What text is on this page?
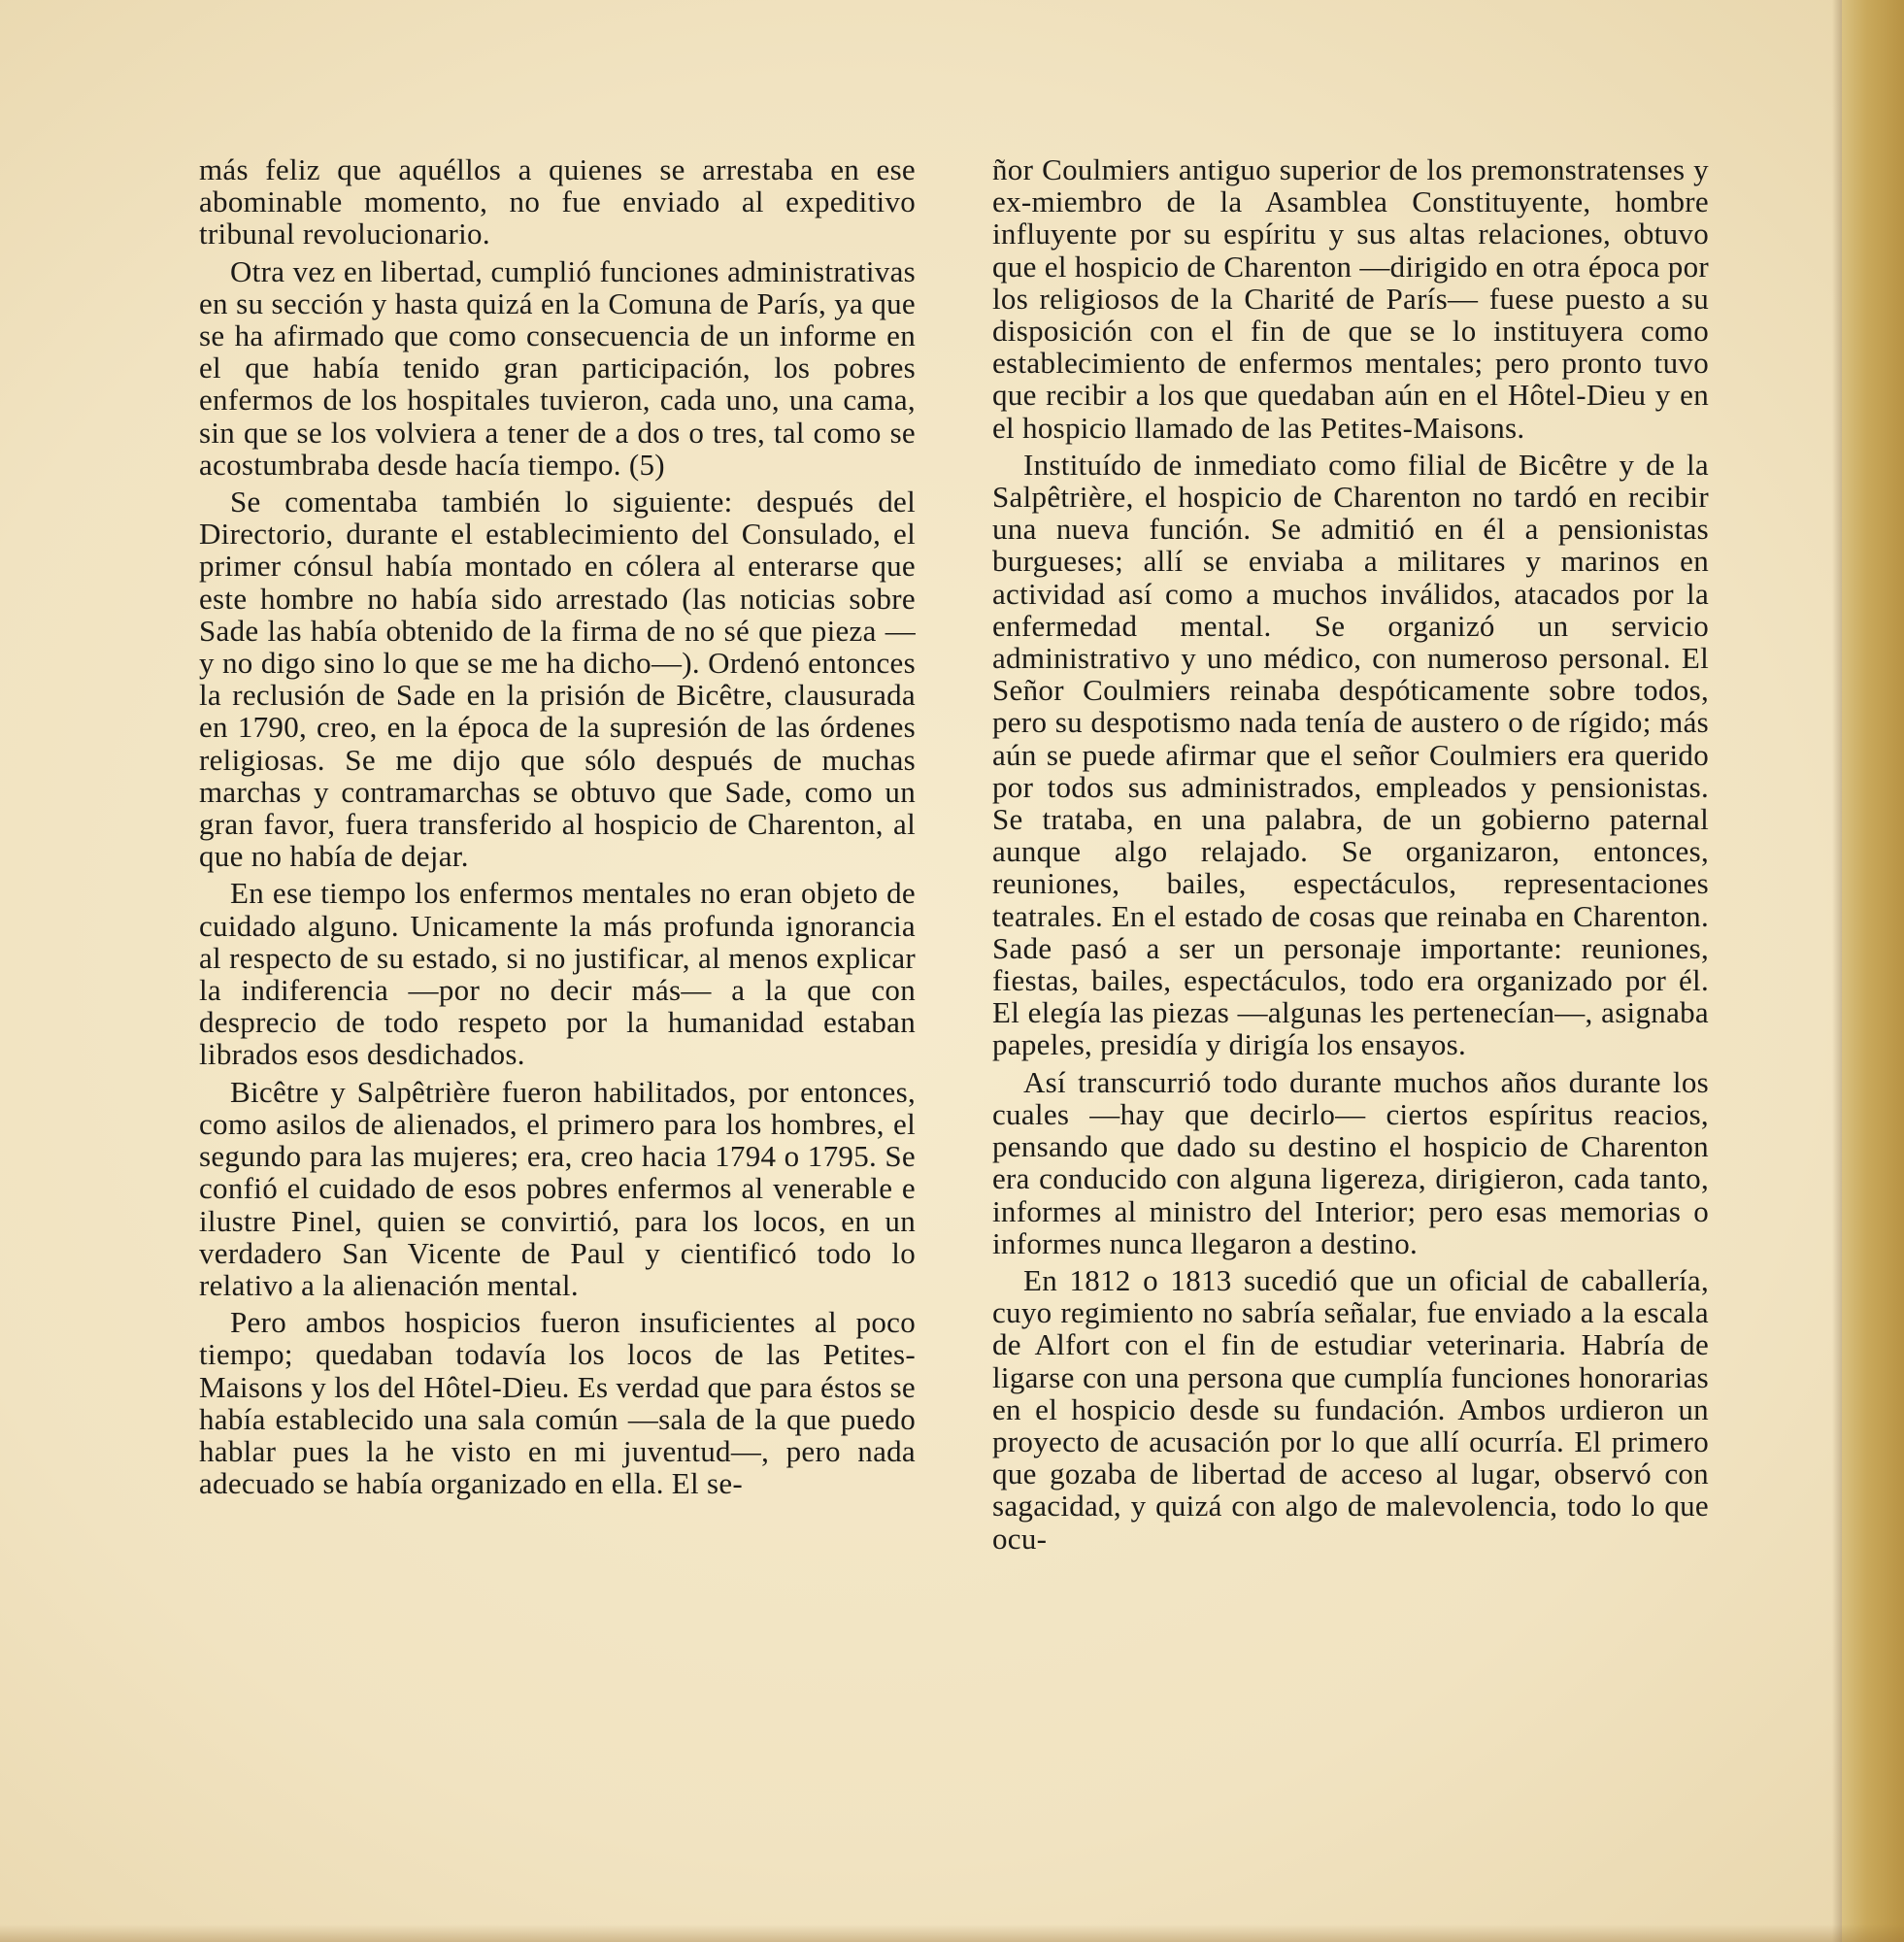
más feliz que aquéllos a quienes se arrestaba en ese abominable momento, no fue enviado al expeditivo tribunal revolucionario.

Otra vez en libertad, cumplió funciones administrativas en su sección y hasta quizá en la Comuna de París, ya que se ha afirmado que como consecuencia de un informe en el que había tenido gran participación, los pobres enfermos de los hospitales tuvieron, cada uno, una cama, sin que se los volviera a tener de a dos o tres, tal como se acostumbraba desde hacía tiempo. (5)

Se comentaba también lo siguiente: después del Directorio, durante el establecimiento del Consulado, el primer cónsul había montado en cólera al enterarse que este hombre no había sido arrestado (las noticias sobre Sade las había obtenido de la firma de no sé que pieza —y no digo sino lo que se me ha dicho—). Ordenó entonces la reclusión de Sade en la prisión de Bicêtre, clausurada en 1790, creo, en la época de la supresión de las órdenes religiosas. Se me dijo que sólo después de muchas marchas y contramarchas se obtuvo que Sade, como un gran favor, fuera transferido al hospicio de Charenton, al que no había de dejar.

En ese tiempo los enfermos mentales no eran objeto de cuidado alguno. Unicamente la más profunda ignorancia al respecto de su estado, si no justificar, al menos explicar la indiferencia —por no decir más— a la que con desprecio de todo respeto por la humanidad estaban librados esos desdichados.

Bicêtre y Salpêtrière fueron habilitados, por entonces, como asilos de alienados, el primero para los hombres, el segundo para las mujeres; era, creo hacia 1794 o 1795. Se confió el cuidado de esos pobres enfermos al venerable e ilustre Pinel, quien se convirtió, para los locos, en un verdadero San Vicente de Paul y cientificó todo lo relativo a la alienación mental.

Pero ambos hospicios fueron insuficientes al poco tiempo; quedaban todavía los locos de las Petites-Maisons y los del Hôtel-Dieu. Es verdad que para éstos se había establecido una sala común —sala de la que puedo hablar pues la he visto en mi juventud—, pero nada adecuado se había organizado en ella. El se-

ñor Coulmiers antiguo superior de los premonstratenses y ex-miembro de la Asamblea Constituyente, hombre influyente por su espíritu y sus altas relaciones, obtuvo que el hospicio de Charenton —dirigido en otra época por los religiosos de la Charité de París— fuese puesto a su disposición con el fin de que se lo instituyera como establecimiento de enfermos mentales; pero pronto tuvo que recibir a los que quedaban aún en el Hôtel-Dieu y en el hospicio llamado de las Petites-Maisons.

Instituído de inmediato como filial de Bicêtre y de la Salpêtrière, el hospicio de Charenton no tardó en recibir una nueva función. Se admitió en él a pensionistas burgueses; allí se enviaba a militares y marinos en actividad así como a muchos inválidos, atacados por la enfermedad mental. Se organizó un servicio administrativo y uno médico, con numeroso personal. El Señor Coulmiers reinaba despóticamente sobre todos, pero su despotismo nada tenía de austero o de rígido; más aún se puede afirmar que el señor Coulmiers era querido por todos sus administrados, empleados y pensionistas. Se trataba, en una palabra, de un gobierno paternal aunque algo relajado. Se organizaron, entonces, reuniones, bailes, espectáculos, representaciones teatrales. En el estado de cosas que reinaba en Charenton. Sade pasó a ser un personaje importante: reuniones, fiestas, bailes, espectáculos, todo era organizado por él. El elegía las piezas —algunas les pertenecían—, asignaba papeles, presidía y dirigía los ensayos.

Así transcurrió todo durante muchos años durante los cuales —hay que decirlo— ciertos espíritus reacios, pensando que dado su destino el hospicio de Charenton era conducido con alguna ligereza, dirigieron, cada tanto, informes al ministro del Interior; pero esas memorias o informes nunca llegaron a destino.

En 1812 o 1813 sucedió que un oficial de caballería, cuyo regimiento no sabría señalar, fue enviado a la escala de Alfort con el fin de estudiar veterinaria. Habría de ligarse con una persona que cumplía funciones honorarias en el hospicio desde su fundación. Ambos urdieron un proyecto de acusación por lo que allí ocurría. El primero que gozaba de libertad de acceso al lugar, observó con sagacidad, y quizá con algo de malevolencia, todo lo que ocu-
